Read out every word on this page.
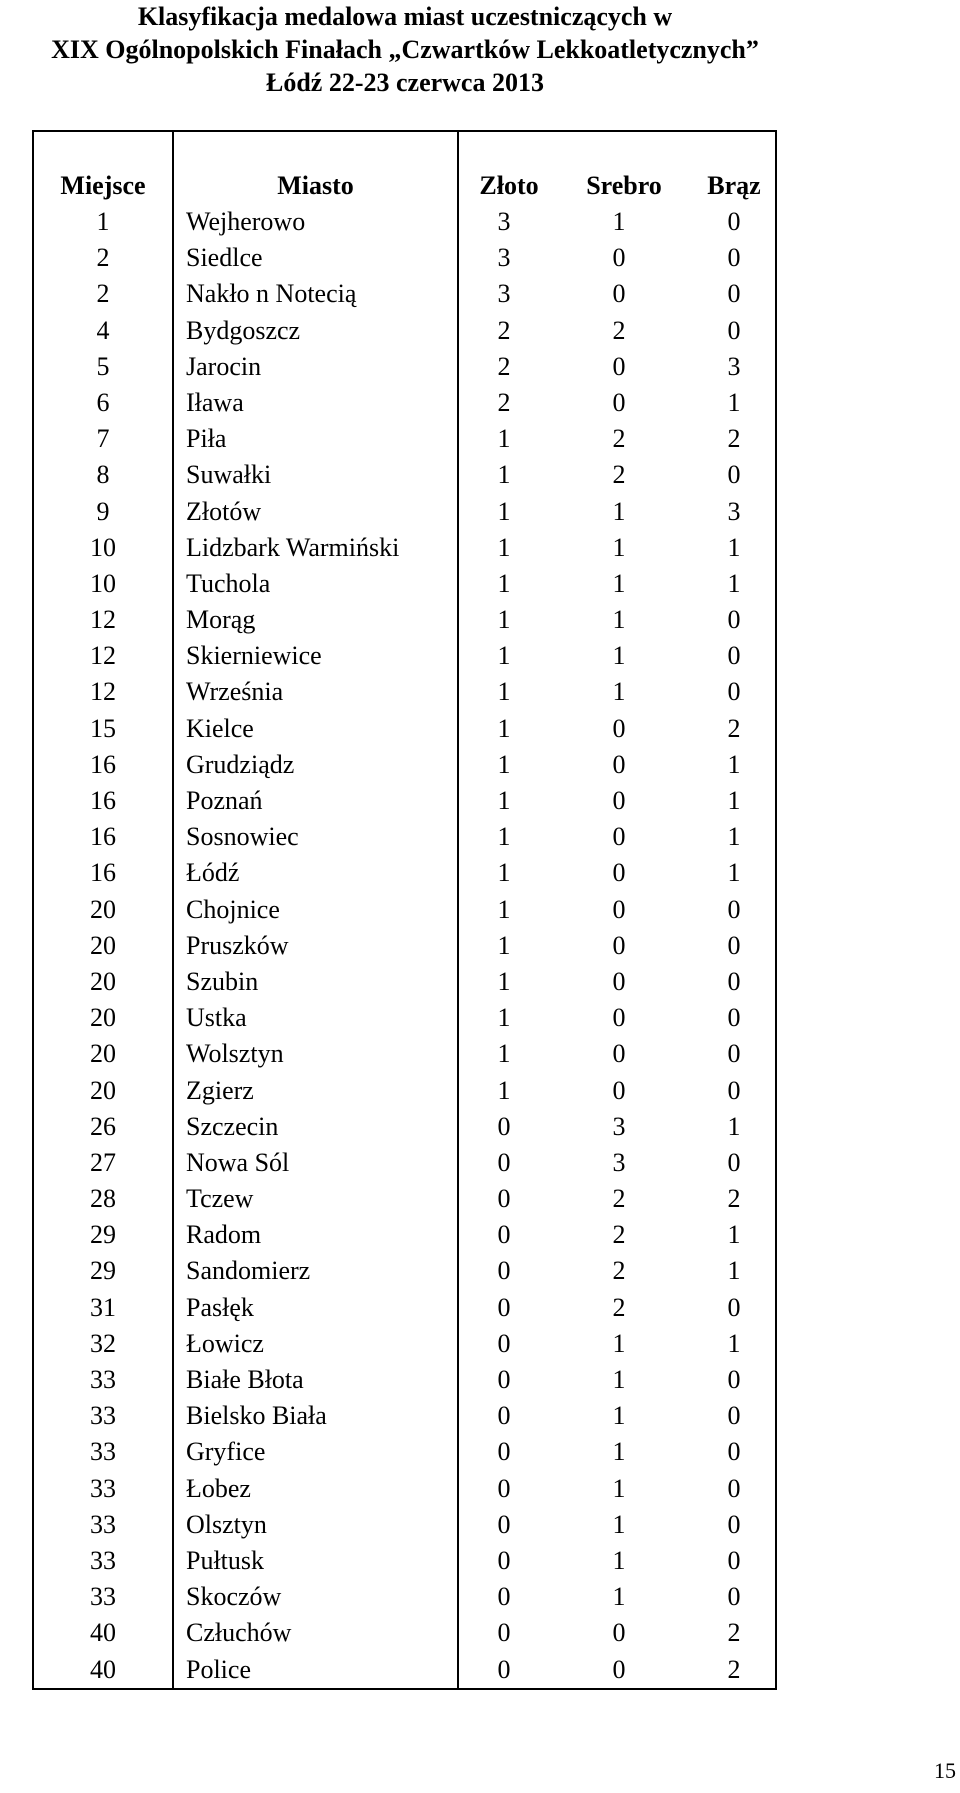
Klasyfikacja medalowa miast uczestniczących w
XIX Ogólnopolskich Finałach „Czwartków Lekkoatletycznych”
Łódź 22-23 czerwca 2013
Miejsce	Miasto	Złoto	Srebro	Brąz
1	Wejherowo	3	1	0
2	Siedlce	3	0	0
2	Nakło n Notecią	3	0	0
4	Bydgoszcz	2	2	0
5	Jarocin	2	0	3
6	Iława	2	0	1
7	Piła	1	2	2
8	Suwałki	1	2	0
9	Złotów	1	1	3
10	Lidzbark Warmiński	1	1	1
10	Tuchola	1	1	1
12	Morąg	1	1	0
12	Skierniewice	1	1	0
12	Września	1	1	0
15	Kielce	1	0	2
16	Grudziądz	1	0	1
16	Poznań	1	0	1
16	Sosnowiec	1	0	1
16	Łódź	1	0	1
20	Chojnice	1	0	0
20	Pruszków	1	0	0
20	Szubin	1	0	0
20	Ustka	1	0	0
20	Wolsztyn	1	0	0
20	Zgierz	1	0	0
26	Szczecin	0	3	1
27	Nowa Sól	0	3	0
28	Tczew	0	2	2
29	Radom	0	2	1
29	Sandomierz	0	2	1
31	Pasłęk	0	2	0
32	Łowicz	0	1	1
33	Białe Błota	0	1	0
33	Bielsko Biała	0	1	0
33	Gryfice	0	1	0
33	Łobez	0	1	0
33	Olsztyn	0	1	0
33	Pułtusk	0	1	0
33	Skoczów	0	1	0
40	Człuchów	0	0	2
40	Police	0	0	2
15
